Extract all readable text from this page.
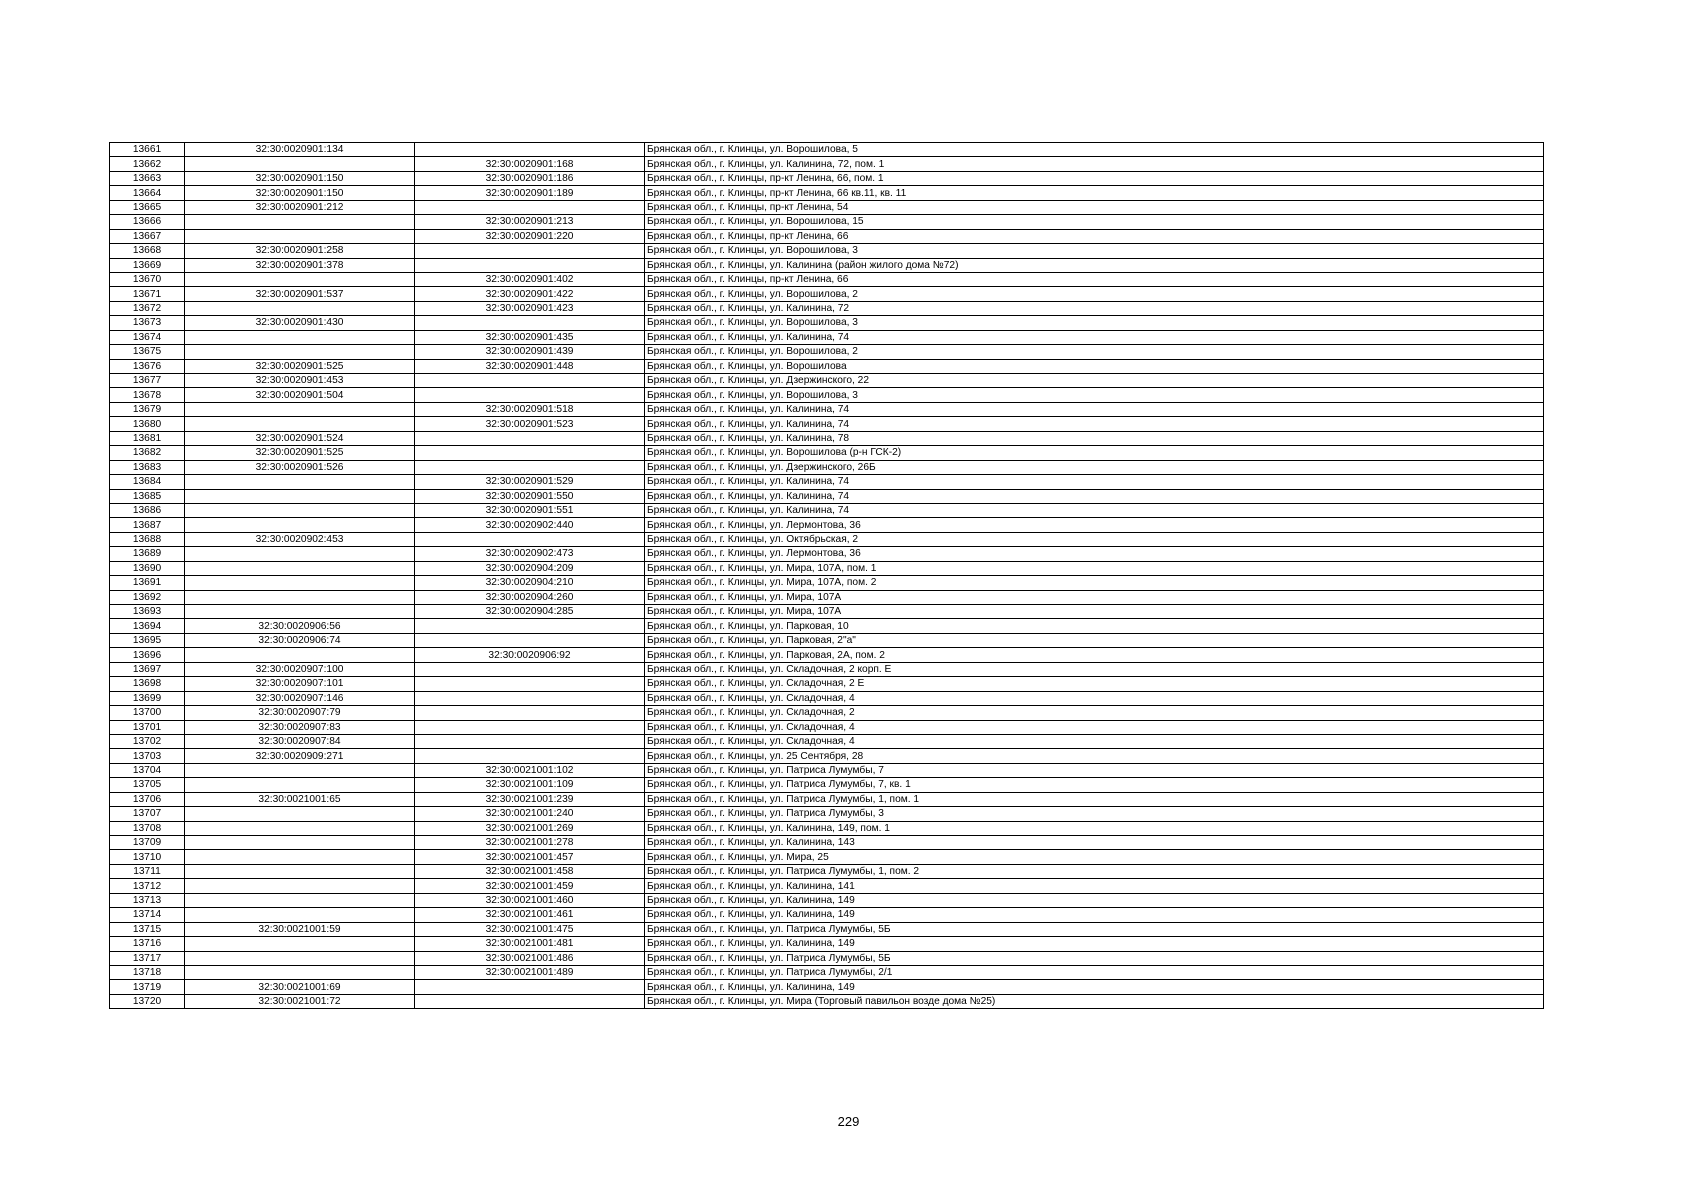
13661	32:30:0020901:134		Брянская обл., г. Клинцы, ул. Ворошилова, 5
13662		32:30:0020901:168	Брянская обл., г. Клинцы, ул. Калинина, 72, пом. 1
13663	32:30:0020901:150	32:30:0020901:186	Брянская обл., г. Клинцы, пр-кт Ленина, 66, пом. 1
13664	32:30:0020901:150	32:30:0020901:189	Брянская обл., г. Клинцы, пр-кт Ленина, 66 кв.11, кв. 11
13665	32:30:0020901:212		Брянская обл., г. Клинцы, пр-кт Ленина, 54
13666		32:30:0020901:213	Брянская обл., г. Клинцы, ул. Ворошилова, 15
13667		32:30:0020901:220	Брянская обл., г. Клинцы, пр-кт Ленина, 66
13668	32:30:0020901:258		Брянская обл., г. Клинцы, ул. Ворошилова, 3
13669	32:30:0020901:378		Брянская обл., г. Клинцы, ул. Калинина (район жилого дома №72)
13670		32:30:0020901:402	Брянская обл., г. Клинцы, пр-кт Ленина, 66
13671	32:30:0020901:537	32:30:0020901:422	Брянская обл., г. Клинцы, ул. Ворошилова, 2
13672		32:30:0020901:423	Брянская обл., г. Клинцы, ул. Калинина, 72
13673	32:30:0020901:430		Брянская обл., г. Клинцы, ул. Ворошилова, 3
13674		32:30:0020901:435	Брянская обл., г. Клинцы, ул. Калинина, 74
13675		32:30:0020901:439	Брянская обл., г. Клинцы, ул. Ворошилова, 2
13676	32:30:0020901:525	32:30:0020901:448	Брянская обл., г. Клинцы, ул. Ворошилова
13677	32:30:0020901:453		Брянская обл., г. Клинцы, ул. Дзержинского, 22
13678	32:30:0020901:504		Брянская обл., г. Клинцы, ул. Ворошилова, 3
13679		32:30:0020901:518	Брянская обл., г. Клинцы, ул. Калинина, 74
13680		32:30:0020901:523	Брянская обл., г. Клинцы, ул. Калинина, 74
13681	32:30:0020901:524		Брянская обл., г. Клинцы, ул. Калинина, 78
13682	32:30:0020901:525		Брянская обл., г. Клинцы, ул. Ворошилова (р-н ГСК-2)
13683	32:30:0020901:526		Брянская обл., г. Клинцы, ул. Дзержинского, 26Б
13684		32:30:0020901:529	Брянская обл., г. Клинцы, ул. Калинина, 74
13685		32:30:0020901:550	Брянская обл., г. Клинцы, ул. Калинина, 74
13686		32:30:0020901:551	Брянская обл., г. Клинцы, ул. Калинина, 74
13687		32:30:0020902:440	Брянская обл., г. Клинцы, ул. Лермонтова, 36
13688	32:30:0020902:453		Брянская обл., г. Клинцы, ул. Октябрьская, 2
13689		32:30:0020902:473	Брянская обл., г. Клинцы, ул. Лермонтова, 36
13690		32:30:0020904:209	Брянская обл., г. Клинцы, ул. Мира, 107А, пом. 1
13691		32:30:0020904:210	Брянская обл., г. Клинцы, ул. Мира, 107А, пом. 2
13692		32:30:0020904:260	Брянская обл., г. Клинцы, ул. Мира, 107А
13693		32:30:0020904:285	Брянская обл., г. Клинцы, ул. Мира, 107А
13694	32:30:0020906:56		Брянская обл., г. Клинцы, ул. Парковая, 10
13695	32:30:0020906:74		Брянская обл., г. Клинцы, ул. Парковая, 2"а"
13696		32:30:0020906:92	Брянская обл., г. Клинцы, ул. Парковая, 2А, пом. 2
13697	32:30:0020907:100		Брянская обл., г. Клинцы, ул. Складочная, 2 корп. Е
13698	32:30:0020907:101		Брянская обл., г. Клинцы, ул. Складочная, 2 Е
13699	32:30:0020907:146		Брянская обл., г. Клинцы, ул. Складочная, 4
13700	32:30:0020907:79		Брянская обл., г. Клинцы, ул. Складочная, 2
13701	32:30:0020907:83		Брянская обл., г. Клинцы, ул. Складочная, 4
13702	32:30:0020907:84		Брянская обл., г. Клинцы, ул. Складочная, 4
13703	32:30:0020909:271		Брянская обл., г. Клинцы, ул. 25 Сентября, 28
13704		32:30:0021001:102	Брянская обл., г. Клинцы, ул. Патриса Лумумбы, 7
13705		32:30:0021001:109	Брянская обл., г. Клинцы, ул. Патриса Лумумбы, 7, кв. 1
13706	32:30:0021001:65	32:30:0021001:239	Брянская обл., г. Клинцы, ул. Патриса Лумумбы, 1, пом. 1
13707		32:30:0021001:240	Брянская обл., г. Клинцы, ул. Патриса Лумумбы, 3
13708		32:30:0021001:269	Брянская обл., г. Клинцы, ул. Калинина, 149, пом. 1
13709		32:30:0021001:278	Брянская обл., г. Клинцы, ул. Калинина, 143
13710		32:30:0021001:457	Брянская обл., г. Клинцы, ул. Мира, 25
13711		32:30:0021001:458	Брянская обл., г. Клинцы, ул. Патриса Лумумбы, 1, пом. 2
13712		32:30:0021001:459	Брянская обл., г. Клинцы, ул. Калинина, 141
13713		32:30:0021001:460	Брянская обл., г. Клинцы, ул. Калинина, 149
13714		32:30:0021001:461	Брянская обл., г. Клинцы, ул. Калинина, 149
13715	32:30:0021001:59	32:30:0021001:475	Брянская обл., г. Клинцы, ул. Патриса Лумумбы, 5Б
13716		32:30:0021001:481	Брянская обл., г. Клинцы, ул. Калинина, 149
13717		32:30:0021001:486	Брянская обл., г. Клинцы, ул. Патриса Лумумбы, 5Б
13718		32:30:0021001:489	Брянская обл., г. Клинцы, ул. Патриса Лумумбы, 2/1
13719	32:30:0021001:69		Брянская обл., г. Клинцы, ул. Калинина, 149
13720	32:30:0021001:72		Брянская обл., г. Клинцы, ул. Мира (Торговый павильон возде дома №25)
229
